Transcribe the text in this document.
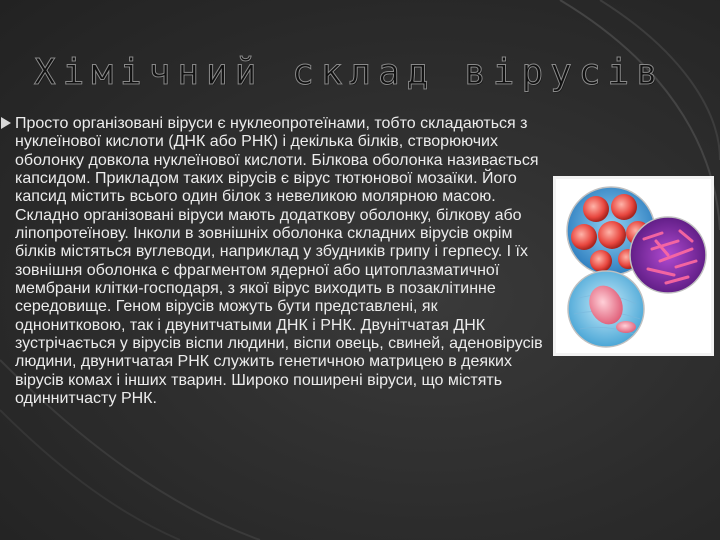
Хімічний склад вірусів

Просто організовані віруси є нуклеопротеїнами, тобто складаються з нуклеїнової кислоти (ДНК або РНК) і декілька білків, створюючих оболонку довкола нуклеїнової кислоти. Білкова оболонка називається капсидом. Прикладом таких вірусів є вірус тютюнової мозаїки. Його капсид містить всього один білок з невеликою молярною масою. Складно організовані віруси мають додаткову оболонку, білкову або ліпопротеїнову. Інколи в зовнішніх оболонка складних вірусів окрім білків містяться вуглеводи, наприклад у збудників грипу і герпесу. І їх зовнішня оболонка є фрагментом ядерної або цитоплазматичної мембрани клітки-господаря, з якої вірус виходить в позаклітинне середовище. Геном вірусів можуть бути представлені, як однонитковою, так і двунитчатыми ДНК і РНК. Двунітчатая ДНК зустрічається у вірусів віспи людини, віспи овець, свиней, аденовірусів людини, двунитчатая РНК служить генетичною матрицею в деяких вірусів комах і інших тварин. Широко поширені віруси, що містять одиннитчасту РНК.
